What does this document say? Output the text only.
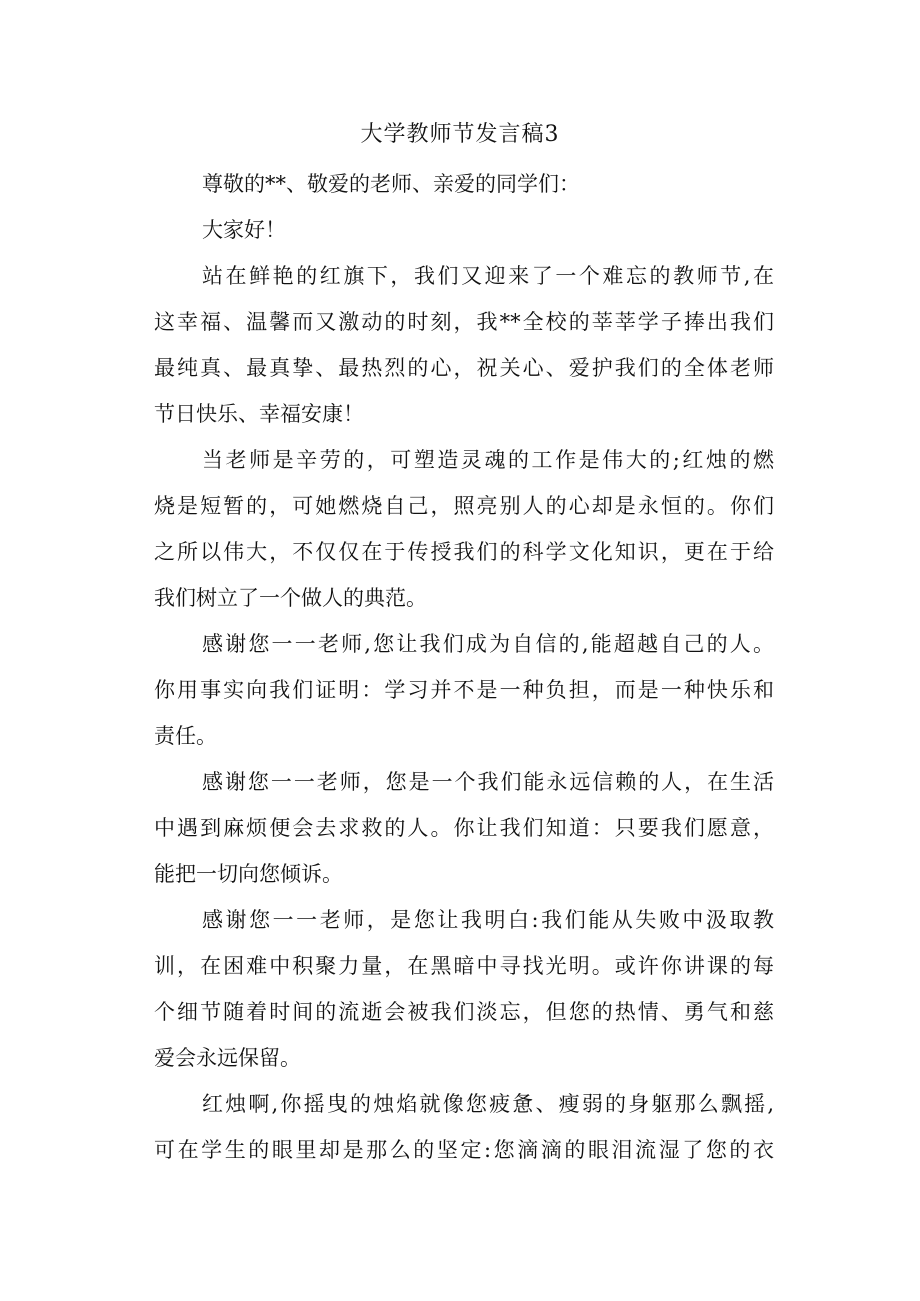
大学教师节发言稿3
尊敬的**、敬爱的老师、亲爱的同学们：
大家好！
站在鲜艳的红旗下，我们又迎来了一个难忘的教师节,在
这幸福、温馨而又激动的时刻，我**全校的莘莘学子捧出我们
最纯真、最真挚、最热烈的心，祝关心、爱护我们的全体老师
节日快乐、幸福安康！
当老师是辛劳的，可塑造灵魂的工作是伟大的;红烛的燃
烧是短暂的，可她燃烧自己，照亮别人的心却是永恒的。你们
之所以伟大，不仅仅在于传授我们的科学文化知识，更在于给
我们树立了一个做人的典范。
感谢您一一老师,您让我们成为自信的,能超越自己的人。
你用事实向我们证明：学习并不是一种负担，而是一种快乐和
责任。
感谢您一一老师，您是一个我们能永远信赖的人，在生活
中遇到麻烦便会去求救的人。你让我们知道：只要我们愿意，
能把一切向您倾诉。
感谢您一一老师，是您让我明白:我们能从失败中汲取教
训，在困难中积聚力量，在黑暗中寻找光明。或许你讲课的每
个细节随着时间的流逝会被我们淡忘，但您的热情、勇气和慈
爱会永远保留。
红烛啊,你摇曳的烛焰就像您疲惫、瘦弱的身躯那么飘摇,
可在学生的眼里却是那么的坚定:您滴滴的眼泪流湿了您的衣
